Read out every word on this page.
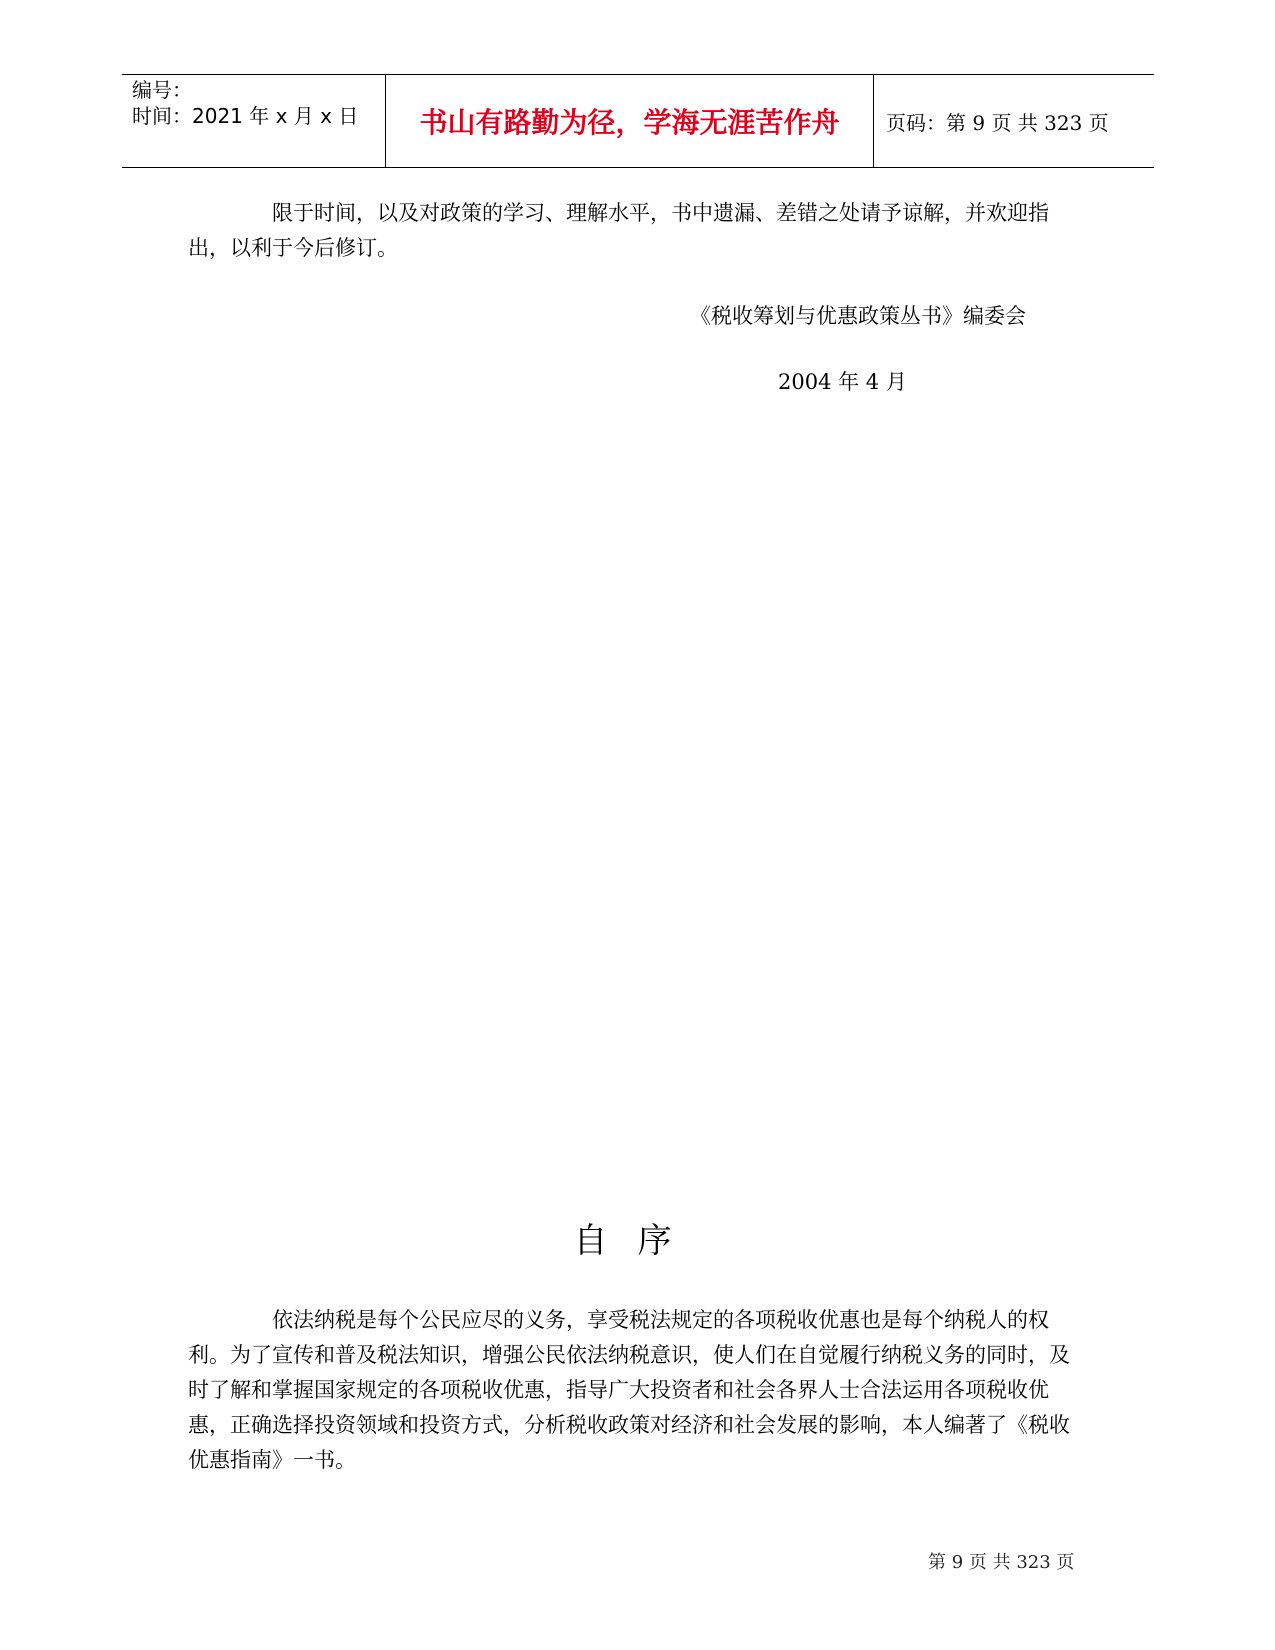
编号：
时间：2021 年 x 月 x 日	书山有路勤为径，学海无涯苦作舟 页码：第 9 页 共 323 页
限于时间，以及对政策的学习、理解水平，书中遗漏、差错之处请予谅解，并欢迎指出，以利于今后修订。
《税收筹划与优惠政策丛书》编委会
2004 年 4 月
自序
依法纳税是每个公民应尽的义务，享受税法规定的各项税收优惠也是每个纳税人的权利。为了宣传和普及税法知识，增强公民依法纳税意识，使人们在自觉履行纳税义务的同时，及时了解和掌握国家规定的各项税收优惠，指导广大投资者和社会各界人士合法运用各项税收优惠，正确选择投资领域和投资方式，分析税收政策对经济和社会发展的影响，本人编著了《税收优惠指南》一书。
第 9 页 共 323 页
